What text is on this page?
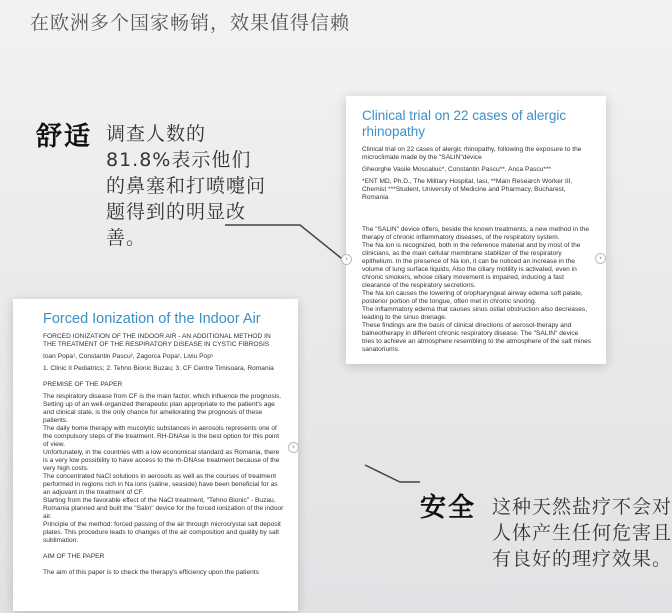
在欧洲多个国家畅销，效果值得信赖
舒适 调查人数的81.8%表示他们的鼻塞和打喷嚏问题得到的明显改善。
Clinical trial on 22 cases of alergic rhinopathy
Clinical trial on 22 cases of alergic rhinopathy, following the exposure to the microclimate made by the "SALIN"device
Gheorghe Vasile Moscaliuc*, Constantin Pascu**, Anca Pascu***
*ENT MD, Ph.D., The Military Hospital, Iasi, **Main Research Worker III, Chemist ***Student, University of Medicine and Pharmacy, Bucharest, Romania
The "SALIN" device offers, beside the known treatments, a new method in the therapy of chronic inflammatory diseases, of the respiratory system.
The Na ion is recognized, both in the reference material and by most of the clinicians, as the main cellular membrane stabilizer of the respiratory epithelium. In the presence of Na ion, it can be noticed an increase in the volume of lung surface liquids. Also the ciliary motility is activated, even in chronic smokers, whose ciliary movement is impaired, inducing a fast clearance of the respiratory secretions.
The Na ion causes the lowering of oropharyngeal airway edema soft palate, posterior portion of the tongue, often met in chronic snoring.
The inflammatory edema that causes sinus ostial obstruction also decreases, leading to the sinus drenage.
These findings are the basis of clinical directions of aerosol-therapy and balneotherapy in different chronic respiratory disease. The "SALIN" device tries to achieve an atmosphere resembling to the atmosphere of the salt mines sanatoriums.
‹	›
Forced Ionization of the Indoor Air
FORCED IONIZATION OF THE INDOOR AIR - AN ADDITIONAL METHOD IN THE TREATMENT OF THE RESPIRATORY DISEASE IN CYSTIC FIBROSIS
Ioan Popa¹, Constantin Pascu², Zagorca Popa¹, Liviu Pop¹
1. Clinic II Pediatrics; 2. Tehno Bionic Buzau; 3. CF Centre Timisoara, Romania
PREMISE OF THE PAPER
The respiratory disease from CF is the main factor, which influence the prognosis.
Setting up of an well-organized therapeutic plan appropriate to the patient's age and clinical state, is the only chance for ameliorating the prognosis of these patients.
The daily home therapy with mucolytic substances in aerosols represents one of the compulsory steps of the treatment. RH-DNAse is the best option for this point of view.
Unfortunately, in the countries with a low economical standard as Romania, there is a very low possibility to have access to the rh-DNAse treatment because of the very high costs.
The concentrated NaCl solutions in aerosols as well as the courses of treatment performed in regions rich in Na ions (saline, seaside) have been beneficial for as an adjuvant in the treatment of CF.
Starting from the favorable effect of the NaCl treatment, "Tehno Bionic" - Buzau, Romania planned and built the "Salin" device for the forced ionization of the indoor air.
Principle of the method: forced passing of the air through microcrystal salt deposit plates. This procedure leads to changes of the air composition and quality by salt sublimation.
AIM OF THE PAPER
The aim of this paper is to check the therapy's efficiency upon the patients
›
安全 这种天然盐疗不会对人体产生任何危害且有良好的理疗效果。
